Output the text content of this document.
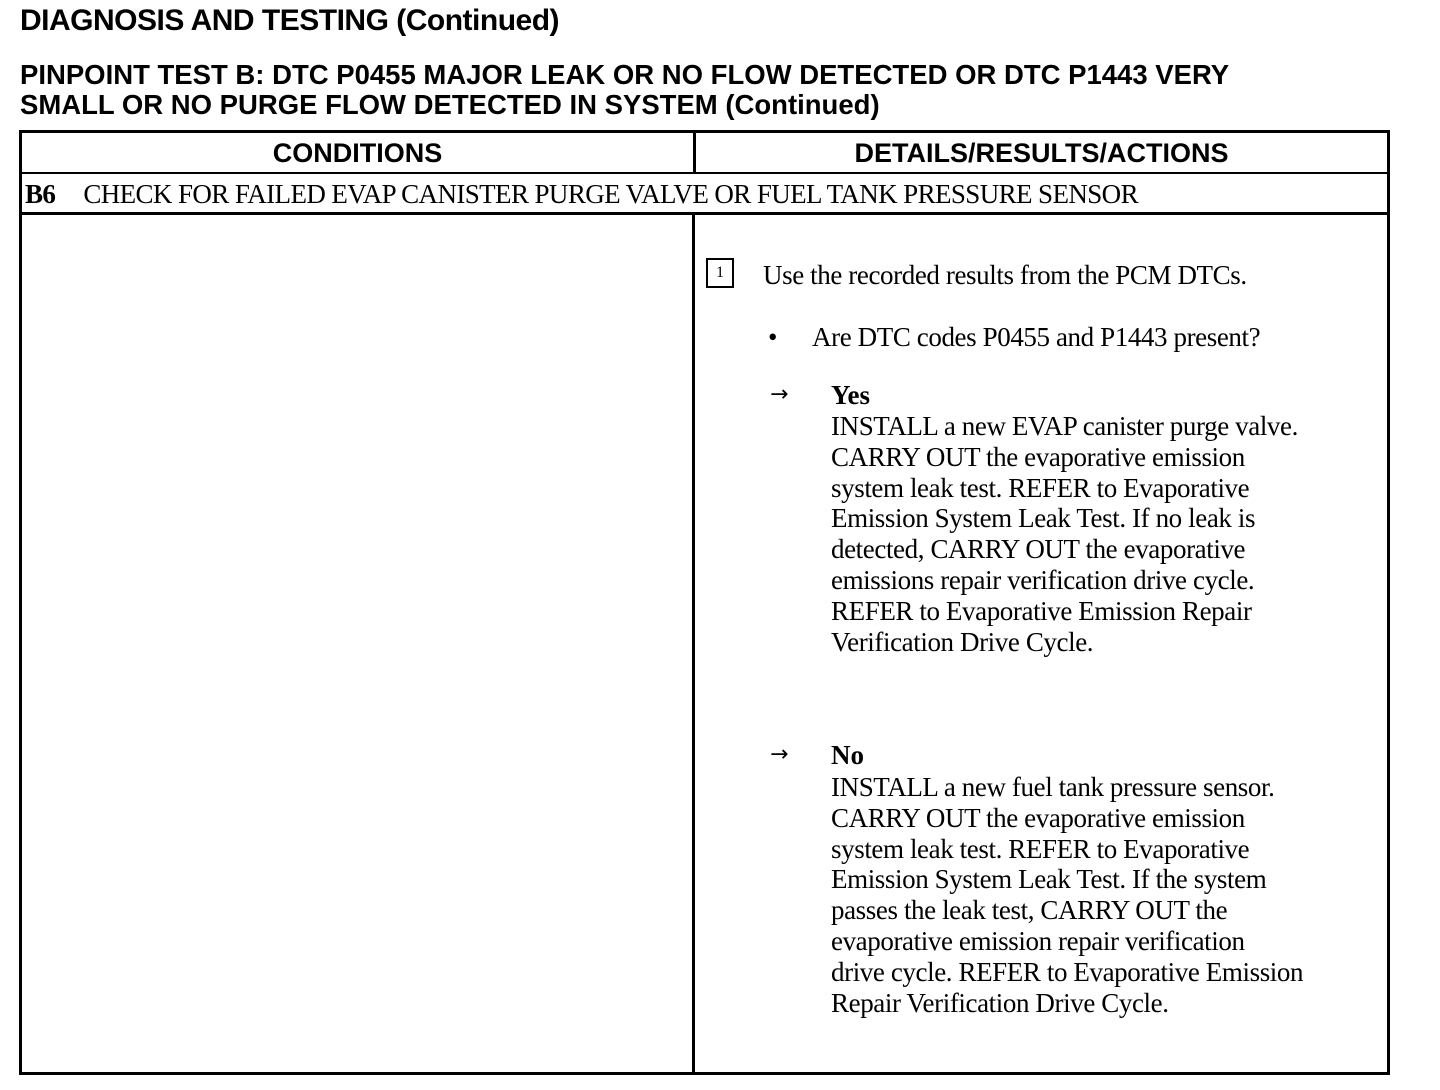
DIAGNOSIS AND TESTING (Continued)
PINPOINT TEST B: DTC P0455 MAJOR LEAK OR NO FLOW DETECTED OR DTC P1443 VERY
SMALL OR NO PURGE FLOW DETECTED IN SYSTEM (Continued)
CONDITIONS	DETAILS/RESULTS/ACTIONS
B6 CHECK FOR FAILED EVAP CANISTER PURGE VALVE OR FUEL TANK PRESSURE SENSOR
1	Use the recorded results from the PCM DTCs.
• Are DTC codes P0455 and P1443 present?
→ Yes
INSTALL a new EVAP canister purge valve.
CARRY OUT the evaporative emission
system leak test. REFER to Evaporative
Emission System Leak Test. If no leak is
detected, CARRY OUT the evaporative
emissions repair verification drive cycle.
REFER to Evaporative Emission Repair
Verification Drive Cycle.
→ No
INSTALL a new fuel tank pressure sensor.
CARRY OUT the evaporative emission
system leak test. REFER to Evaporative
Emission System Leak Test. If the system
passes the leak test, CARRY OUT the
evaporative emission repair verification
drive cycle. REFER to Evaporative Emission
Repair Verification Drive Cycle.
